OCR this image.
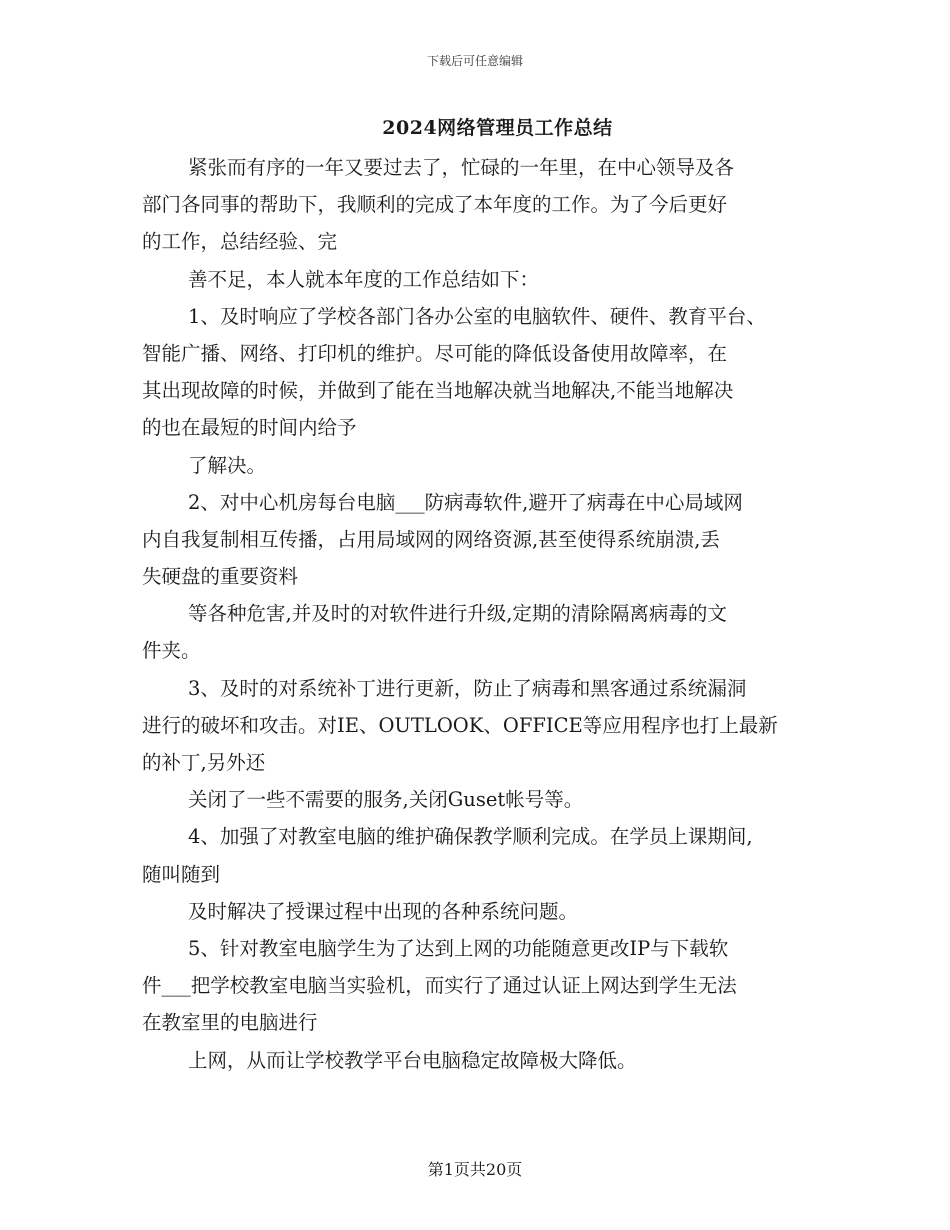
下载后可任意编辑
2024网络管理员工作总结
紧张而有序的一年又要过去了，忙碌的一年里，在中心领导及各
部门各同事的帮助下，我顺利的完成了本年度的工作。为了今后更好
的工作，总结经验、完
善不足，本人就本年度的工作总结如下：
1、及时响应了学校各部门各办公室的电脑软件、硬件、教育平台、
智能广播、网络、打印机的维护。尽可能的降低设备使用故障率，在
其出现故障的时候，并做到了能在当地解决就当地解决,不能当地解决
的也在最短的时间内给予
了解决。
2、对中心机房每台电脑___防病毒软件,避开了病毒在中心局域网
内自我复制相互传播，占用局域网的网络资源,甚至使得系统崩溃,丢
失硬盘的重要资料
等各种危害,并及时的对软件进行升级,定期的清除隔离病毒的文
件夹。
3、及时的对系统补丁进行更新，防止了病毒和黑客通过系统漏洞
进行的破坏和攻击。对IE、OUTLOOK、OFFICE等应用程序也打上最新
的补丁,另外还
关闭了一些不需要的服务,关闭Guset帐号等。
4、加强了对教室电脑的维护确保教学顺利完成。在学员上课期间,
随叫随到
及时解决了授课过程中出现的各种系统问题。
5、针对教室电脑学生为了达到上网的功能随意更改IP与下载软
件___把学校教室电脑当实验机，而实行了通过认证上网达到学生无法
在教室里的电脑进行
上网，从而让学校教学平台电脑稳定故障极大降低。
第1页共20页
